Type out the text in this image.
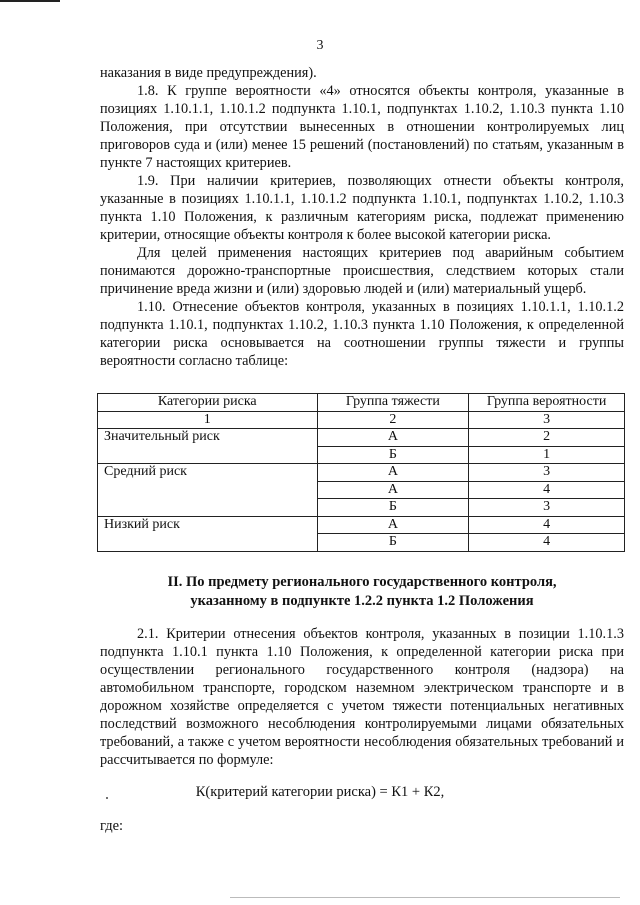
3

наказания в виде предупреждения).

1.8. К группе вероятности «4» относятся объекты контроля, указанные в позициях 1.10.1.1, 1.10.1.2 подпункта 1.10.1, подпунктах 1.10.2, 1.10.3 пункта 1.10 Положения, при отсутствии вынесенных в отношении контролируемых лиц приговоров суда и (или) менее 15 решений (постановлений) по статьям, указанным в пункте 7 настоящих критериев.

1.9. При наличии критериев, позволяющих отнести объекты контроля, указанные в позициях 1.10.1.1, 1.10.1.2 подпункта 1.10.1, подпунктах 1.10.2, 1.10.3 пункта 1.10 Положения, к различным категориям риска, подлежат применению критерии, относящие объекты контроля к более высокой категории риска.

Для целей применения настоящих критериев под аварийным событием понимаются дорожно-транспортные происшествия, следствием которых стали причинение вреда жизни и (или) здоровью людей и (или) материальный ущерб.

1.10. Отнесение объектов контроля, указанных в позициях 1.10.1.1, 1.10.1.2 подпункта 1.10.1, подпунктах 1.10.2, 1.10.3 пункта 1.10 Положения, к определенной категории риска основывается на соотношении группы тяжести и группы вероятности согласно таблице:

Категории риска	Группа тяжести	Группа вероятности
1	2	3
Значительный риск	А	2
	Б	1
Средний риск	А	3
	А	4
	Б	3
Низкий риск	А	4
	Б	4
II. По предмету регионального государственного контроля,
указанному в подпункте 1.2.2 пункта 1.2 Положения

2.1. Критерии отнесения объектов контроля, указанных в позиции 1.10.1.3 подпункта 1.10.1 пункта 1.10 Положения, к определенной категории риска при осуществлении регионального государственного контроля (надзора) на автомобильном транспорте, городском наземном электрическом транспорте и в дорожном хозяйстве определяется с учетом тяжести потенциальных негативных последствий возможного несоблюдения контролируемыми лицами обязательных требований, а также с учетом вероятности несоблюдения обязательных требований и рассчитывается по формуле:

К(критерий категории риска) = К1 + К2,
где:
